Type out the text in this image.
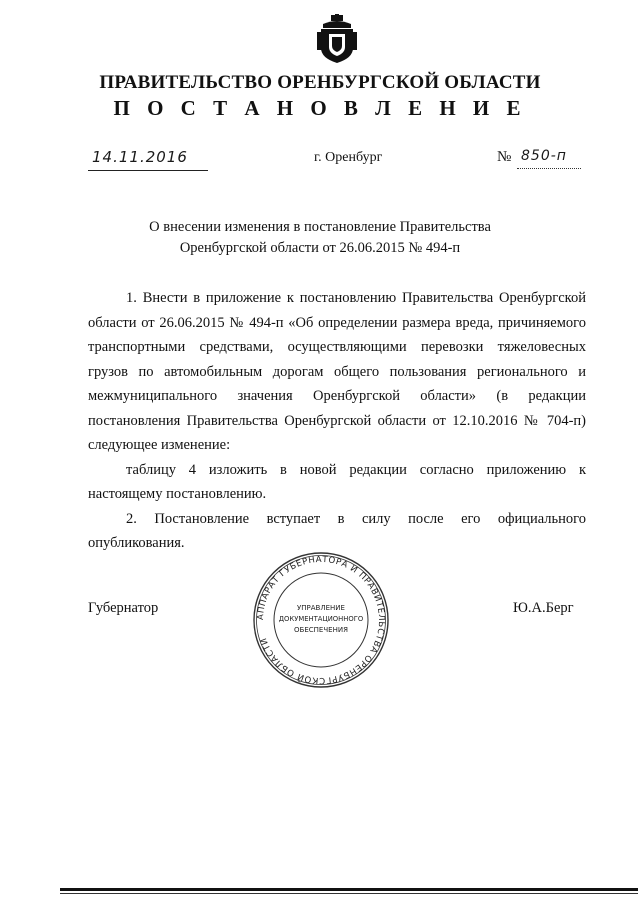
ПРАВИТЕЛЬСТВО ОРЕНБУРГСКОЙ ОБЛАСТИ
П О С Т А Н О В Л Е Н И Е
14.11.2016	г. Оренбург	№ 850-п
О внесении изменения в постановление Правительства
Оренбургской области от 26.06.2015 № 494-п

1. Внести в приложение к постановлению Правительства Оренбургской области от 26.06.2015 № 494-п «Об определении размера вреда, причиняемого транспортными средствами, осуществляющими перевозки тяжеловесных грузов по автомобильным дорогам общего пользования регионального и межмуниципального значения Оренбургской области» (в редакции постановления Правительства Оренбургской области от 12.10.2016 № 704-п) следующее изменение:

таблицу 4 изложить в новой редакции согласно приложению к настоящему постановлению.

2. Постановление вступает в силу после его официального опубликования.

Губернатор	Ю.А.Берг
АППАРАТ ГУБЕРНАТОРА И ПРАВИТЕЛЬСТВА ОРЕНБУРГСКОЙ ОБЛАСТИ
УПРАВЛЕНИЕ
ДОКУМЕНТАЦИОННОГО
ОБЕСПЕЧЕНИЯ
